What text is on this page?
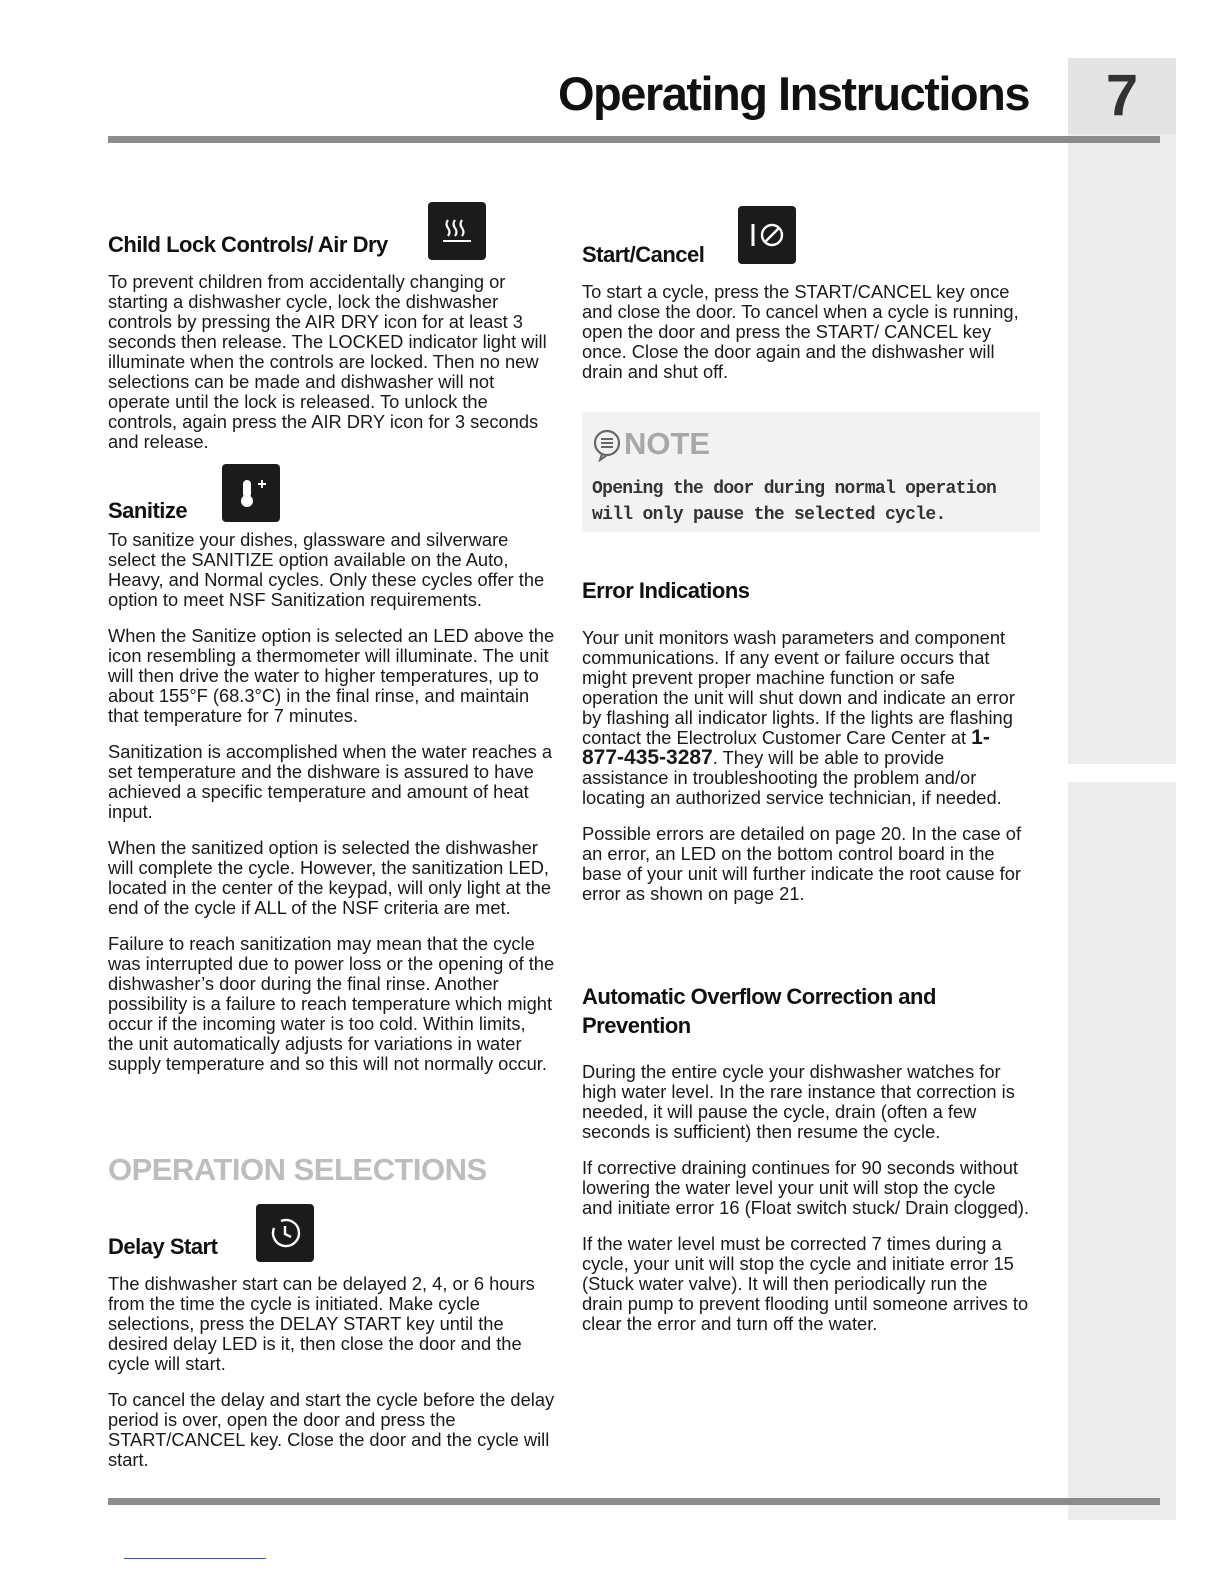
Operating Instructions	7
Child Lock Controls/ Air Dry

To prevent children from accidentally changing or starting a dishwasher cycle, lock the dishwasher controls by pressing the AIR DRY icon for at least 3 seconds then release. The LOCKED indicator light will illuminate when the controls are locked. Then no new selections can be made and dishwasher will not operate until the lock is released. To unlock the controls, again press the AIR DRY icon for 3 seconds and release.

Sanitize

To sanitize your dishes, glassware and silverware select the SANITIZE option available on the Auto, Heavy, and Normal cycles. Only these cycles offer the option to meet NSF Sanitization requirements.

When the Sanitize option is selected an LED above the icon resembling a thermometer will illuminate. The unit will then drive the water to higher temperatures, up to about 155°F (68.3°C) in the final rinse, and maintain that temperature for 7 minutes.

Sanitization is accomplished when the water reaches a set temperature and the dishware is assured to have achieved a specific temperature and amount of heat input.

When the sanitized option is selected the dishwasher will complete the cycle. However, the sanitization LED, located in the center of the keypad, will only light at the end of the cycle if ALL of the NSF criteria are met.

Failure to reach sanitization may mean that the cycle was interrupted due to power loss or the opening of the dishwasher’s door during the final rinse. Another possibility is a failure to reach temperature which might occur if the incoming water is too cold. Within limits, the unit automatically adjusts for variations in water supply temperature and so this will not normally occur.

OPERATION SELECTIONS
Delay Start

The dishwasher start can be delayed 2, 4, or 6 hours from the time the cycle is initiated. Make cycle selections, press the DELAY START key until the desired delay LED is it, then close the door and the cycle will start.

To cancel the delay and start the cycle before the delay period is over, open the door and press the START/CANCEL key. Close the door and the cycle will start.

Start/Cancel

To start a cycle, press the START/CANCEL key once and close the door. To cancel when a cycle is running, open the door and press the START/ CANCEL key once. Close the door again and the dishwasher will drain and shut off.

NOTE
Opening the door during normal operation will only pause the selected cycle.
Error Indications

Your unit monitors wash parameters and component communications. If any event or failure occurs that might prevent proper machine function or safe operation the unit will shut down and indicate an error by flashing all indicator lights. If the lights are flashing contact the Electrolux Customer Care Center at 1-877-435-3287. They will be able to provide assistance in troubleshooting the problem and/or locating an authorized service technician, if needed.

Possible errors are detailed on page 20. In the case of an error, an LED on the bottom control board in the base of your unit will further indicate the root cause for error as shown on page 21.

Automatic Overflow Correction and Prevention

During the entire cycle your dishwasher watches for high water level. In the rare instance that correction is needed, it will pause the cycle, drain (often a few seconds is sufficient) then resume the cycle.

If corrective draining continues for 90 seconds without lowering the water level your unit will stop the cycle and initiate error 16 (Float switch stuck/ Drain clogged).

If the water level must be corrected 7 times during a cycle, your unit will stop the cycle and initiate error 15 (Stuck water valve). It will then periodically run the drain pump to prevent flooding until someone arrives to clear the error and turn off the water.
